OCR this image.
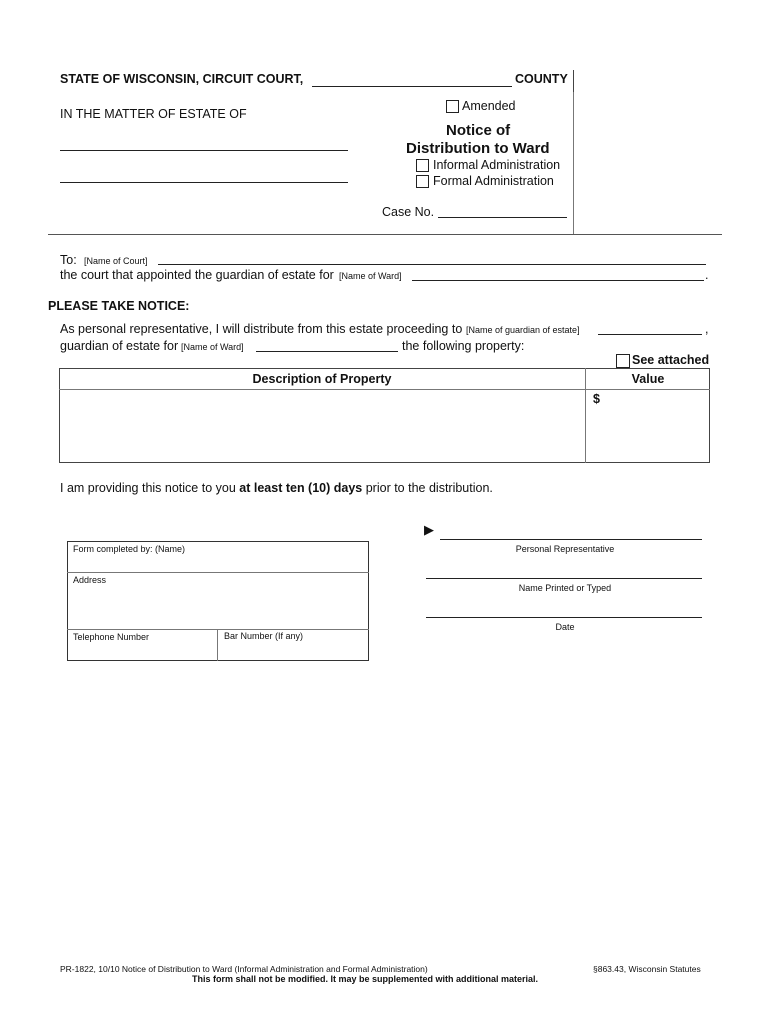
STATE OF WISCONSIN, CIRCUIT COURT,	COUNTY
IN THE MATTER OF ESTATE OF
Amended
Notice of
Distribution to Ward
Informal Administration
Formal Administration
Case No.
To: [Name of Court]
the court that appointed the guardian of estate for [Name of Ward]	.
PLEASE TAKE NOTICE:
As personal representative, I will distribute from this estate proceeding to [Name of guardian of estate]	,
guardian of estate for [Name of Ward]	the following property:
See attached
Description of Property	Value
$
I am providing this notice to you at least ten (10) days prior to the distribution.
Form completed by: (Name)
Address
Telephone Number	Bar Number (If any)
▶
Personal Representative
Name Printed or Typed
Date
PR-1822, 10/10 Notice of Distribution to Ward (Informal Administration and Formal Administration)	§863.43, Wisconsin Statutes
This form shall not be modified. It may be supplemented with additional material.
